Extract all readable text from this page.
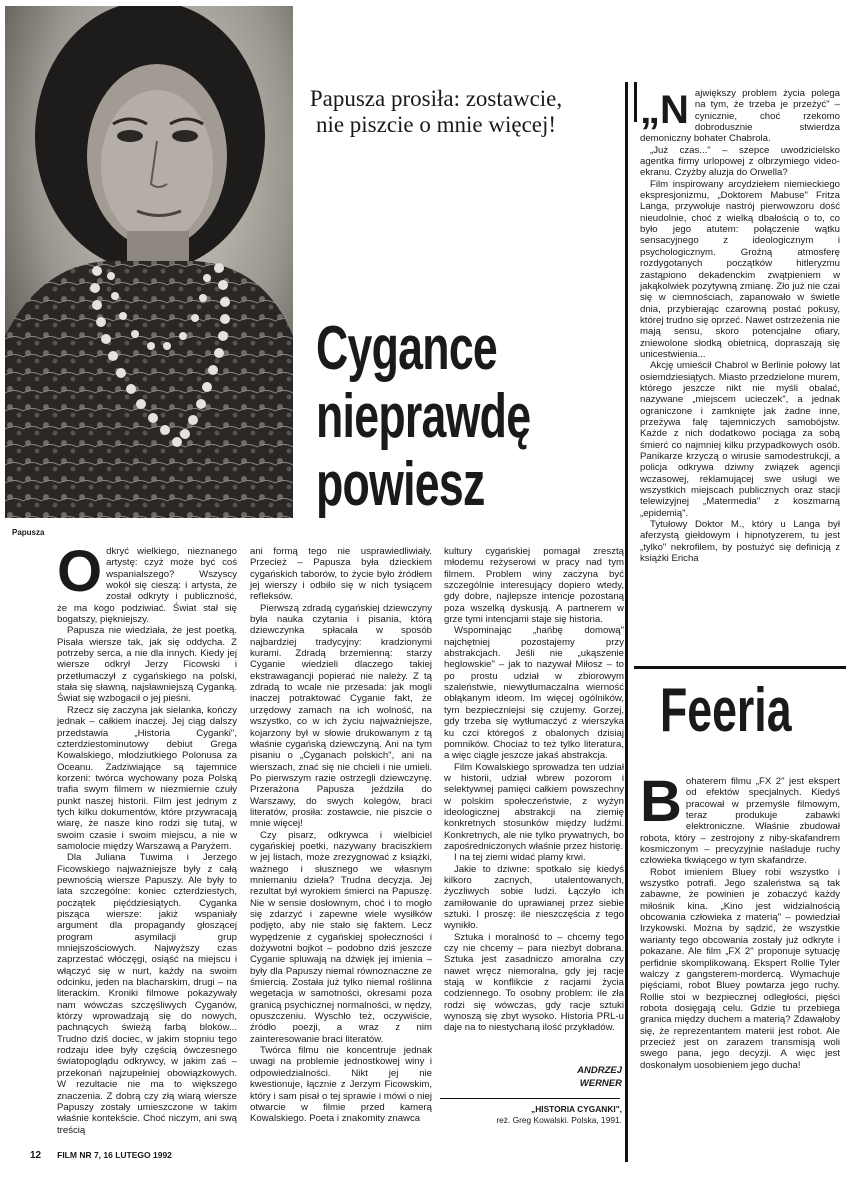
Papusza
Papusza prosiła: zostawcie, nie piszcie o mnie więcej!
Cygance
nieprawdę
powiesz

Odkryć wielkiego, nieznanego artystę: czyż może być coś wspanialszego? Wszyscy wokół się cieszą: i artysta, że został odkryty i publiczność, że ma kogo podziwiać. Świat stał się bogatszy, piękniejszy.

Papusza nie wiedziała, że jest poetką. Pisała wiersze tak, jak się oddycha. Z potrzeby serca, a nie dla innych. Kiedy jej wiersze odkrył Jerzy Ficowski i przetłumaczył z cygańskiego na polski, stała się sławną, najsławniejszą Cyganką. Świat się wzbogacił o jej pieśni.

Rzecz się zaczyna jak sielanka, kończy jednak – całkiem inaczej. Jej ciąg dalszy przedstawia „Historia Cyganki", czterdziestominutowy debiut Grega Kowalskiego, młodziutkiego Polonusa za Oceanu. Zadziwiające są tajemnice korzeni: twórca wychowany poza Polską trafia swym filmem w niezmiernie czuły punkt naszej historii. Film jest jednym z tych kilku dokumentów, które przywracają wiarę, że nasze kino rodzi się tutaj, w swoim czasie i swoim miejscu, a nie w samolocie między Warszawą a Paryżem.

Dla Juliana Tuwima i Jerzego Ficowskiego najważniejsze były z całą pewnością wiersze Papuszy. Ale były to lata szczególne: koniec czterdziestych, początek pięćdziesiątych. Cyganka pisząca wiersze: jakiż wspaniały argument dla propagandy głoszącej program asymilacji grup mniejszościowych. Najwyższy czas zaprzestać włóczęgi, osiąść na miejscu i włączyć się w nurt, każdy na swoim odcinku, jeden na blacharskim, drugi – na literackim. Kroniki filmowe pokazywały nam wówczas szczęśliwych Cyganów, którzy wprowadzają się do nowych, pachnących świeżą farbą bloków... Trudno dziś dociec, w jakim stopniu tego rodzaju idee były częścią ówczesnego światopoglądu odkrywcy, w jakim zaś – przekonań najzupełniej obowiązkowych. W rezultacie nie ma to większego znaczenia. Z dobrą czy złą wiarą wiersze Papuszy zostały umieszczone w takim właśnie kontekście. Choć niczym, ani swą treścią

ani formą tego nie usprawiedliwiały. Przecież – Papusza była dzieckiem cygańskich taborów, to życie było źródłem jej wierszy i odbiło się w nich tysiącem refleksów.

Pierwszą zdradą cygańskiej dziewczyny była nauka czytania i pisania, którą dziewczynka spłacała w sposób najbardziej tradycyjny: kradzionymi kurami. Zdradą brzemienną: starzy Cyganie wiedzieli dlaczego takiej ekstrawagancji popierać nie należy. Z tą zdradą to wcale nie przesada: jak mogli inaczej potraktować Cyganie fakt, że urzędowy zamach na ich wolność, na wszystko, co w ich życiu najważniejsze, kojarzony był w słowie drukowanym z tą właśnie cygańską dziewczyną. Ani na tym pisaniu o „Cyganach polskich", ani na wierszach, znać się nie chcieli i nie umieli. Po pierwszym razie ostrzegli dziewczynę. Przerażona Papusza jeździła do Warszawy, do swych kolegów, braci literatów, prosiła: zostawcie, nie piszcie o mnie więcej!

Czy pisarz, odkrywca i wielbiciel cygańskiej poetki, nazywany braciszkiem w jej listach, może zrezygnować z książki, ważnego i słusznego we własnym mniemaniu dzieła? Trudna decyzja. Jej rezultat był wyrokiem śmierci na Papuszę. Nie w sensie dosłownym, choć i to mogło się zdarzyć i zapewne wiele wysiłków podjęto, aby nie stało się faktem. Lecz wypędzenie z cygańskiej społeczności i dożywotni bojkot – podobno dziś jeszcze Cyganie spluwają na dźwięk jej imienia – były dla Papuszy niemal równoznaczne ze śmiercią. Została już tylko niemal roślinna wegetacja w samotności, okresami poza granicą psychicznej normalności, w nędzy, opuszczeniu. Wyschło też, oczywiście, źródło poezji, a wraz z nim zainteresowanie braci literatów.

Twórca filmu nie koncentruje jednak uwagi na problemie jednostkowej winy i odpowiedzialności. Nikt jej nie kwestionuje, łącznie z Jerzym Ficowskim, który i sam pisał o tej sprawie i mówi o niej otwarcie w filmie przed kamerą Kowalskiego. Poeta i znakomity znawca

kultury cygańskiej pomagał zresztą młodemu reżyserowi w pracy nad tym filmem. Problem winy zaczyna być szczególnie interesujący dopiero wtedy, gdy dobre, najlepsze intencje pozostaną poza wszelką dyskusją. A partnerem w grze tymi intencjami staje się historia.

Wspominając „hańbę domową" najchętniej pozostajemy przy abstrakcjach. Jeśli nie „ukąszenie heglowskie" – jak to nazywał Miłosz – to po prostu udział w zbiorowym szaleństwie, niewytłumaczalna wierność obłąkanym ideom. Im więcej ogólników, tym bezpieczniejsi się czujemy. Gorzej, gdy trzeba się wytłumaczyć z wierszyka ku czci któregoś z obalonych dzisiaj pomników. Chociaż to też tylko literatura, a więc ciągle jeszcze jakaś abstrakcja.

Film Kowalskiego sprowadza ten udział w historii, udział wbrew pozorom i selektywnej pamięci całkiem powszechny w polskim społeczeństwie, z wyżyn ideologicznej abstrakcji na ziemię konkretnych stosunków między ludźmi. Konkretnych, ale nie tylko prywatnych, bo zapośredniczonych właśnie przez historię.

I na tej ziemi widać plamy krwi.

Jakie to dziwne: spotkało się kiedyś kilkoro zacnych, utalentowanych, życzliwych sobie ludzi. Łączyło ich zamiłowanie do uprawianej przez siebie sztuki. I proszę: ile nieszczęścia z tego wynikło.

Sztuka i moralność to – chcemy tego czy nie chcemy – para niezbyt dobrana. Sztuka jest zasadniczo amoralna czy nawet wręcz niemoralna, gdy jej racje stają w konflikcie z racjami życia codziennego. To osobny problem: ile zła rodzi się wówczas, gdy racje sztuki wynoszą się zbyt wysoko. Historia PRL-u daje na to niestychaną ilość przykładów.

ANDRZEJ
WERNER
„HISTORIA CYGANKI",
reż. Greg Kowalski. Polska, 1991.

„Największy problem życia polega na tym, że trzeba je przeżyć" – cynicznie, choć rzekomo dobrodusznie stwierdza demoniczny bohater Chabrola.

„Już czas..." – szepce uwodzicielsko agentka firmy urlopowej z olbrzymiego video-ekranu. Czyżby aluzja do Orwella?

Film inspirowany arcydziełem niemieckiego ekspresjonizmu, „Doktorem Mabuse" Fritza Langa, przywołuje nastrój pierwowzoru dość nieudolnie, choć z wielką dbałością o to, co było jego atutem: połączenie wątku sensacyjnego z ideologicznym i psychologicznym. Groźną atmosferę rozdygotanych początków hitleryzmu zastąpiono dekadenckim zwątpieniem w jakąkolwiek pozytywną zmianę. Zło już nie czai się w ciemnościach, zapanowało w świetle dnia, przybierając czarowną postać pokusy, której trudno się oprzeć. Nawet ostrzeżenia nie mają sensu, skoro potencjalne ofiary, zniewolone słodką obietnicą, dopraszają się unicestwienia...

Akcję umieścił Chabrol w Berlinie połowy lat osiemdziesiątych. Miasto przedzielone murem, którego jeszcze nikt nie myśli obalać, nazywane „miejscem ucieczek", a jednak ograniczone i zamknięte jak żadne inne, przeżywa falę tajemniczych samobójstw. Każde z nich dodatkowo pociąga za sobą śmierć co najmniej kilku przypadkowych osób. Panikarze krzyczą o wirusie samodestrukcji, a policja odkrywa dziwny związek agencji wczasowej, reklamującej swe usługi we wszystkich miejscach publicznych oraz stacji telewizyjnej „Matermedia" z koszmarną „epidemią".

Tytułowy Doktor M., który u Langa był aferzystą giełdowym i hipnotyzerem, tu jest „tylko" nekrofilem, by postużyć się definicją z książki Ericha

Feeria

Bohaterem filmu „FX 2" jest ekspert od efektów specjalnych. Kiedyś pracował w przemyśle filmowym, teraz produkuje zabawki elektroniczne. Właśnie zbudował robota, który – zestrojony z niby-skafandrem kosmiczonym – precyzyjnie naśladuje ruchy człowieka tkwiącego w tym skafandrze.

Robot imieniem Bluey robi wszystko i wszystko potrafi. Jego szaleństwa są tak zabawne, że powinien je zobaczyć każdy miłośnik kina. „Kino jest widzialnością obcowania człowieka z materią" – powiedział Irzykowski. Można by sądzić, że wszystkie warianty tego obcowania zostały już odkryte i pokazane. Ale film „FX 2" proponuje sytuację perfidnie skomplikowaną. Ekspert Rollie Tyler walczy z gangsterem-mordercą. Wymachuje pięściami, robot Bluey powtarza jego ruchy. Rollie stoi w bezpiecznej odległości, pięści robota dosięgają celu. Gdzie tu przebiega granica między duchem a materią? Zdawałoby się, że reprezentantem materii jest robot. Ale przecież jest on zarazem transmisją woli swego pana, jego decyzji. A więc jest doskonałym uosobieniem jego ducha!

12 FILM NR 7, 16 LUTEGO 1992
